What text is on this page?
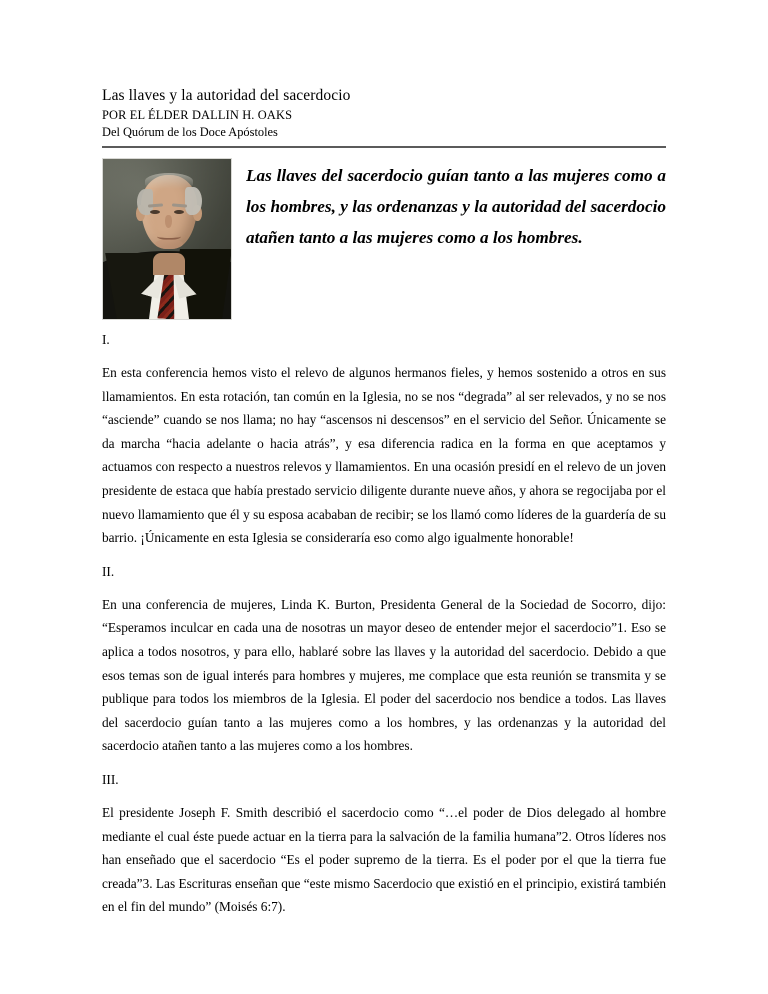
Las llaves y la autoridad del sacerdocio
POR EL ÉLDER DALLIN H. OAKS
Del Quórum de los Doce Apóstoles

Las llaves del sacerdocio guían tanto a las mujeres como a los hombres, y las ordenanzas y la autoridad del sacerdocio atañen tanto a las mujeres como a los hombres.

I.

En esta conferencia hemos visto el relevo de algunos hermanos fieles, y hemos sostenido a otros en sus llamamientos. En esta rotación, tan común en la Iglesia, no se nos “degrada” al ser relevados, y no se nos “asciende” cuando se nos llama; no hay “ascensos ni descensos” en el servicio del Señor. Únicamente se da marcha “hacia adelante o hacia atrás”, y esa diferencia radica en la forma en que aceptamos y actuamos con respecto a nuestros relevos y llamamientos. En una ocasión presidí en el relevo de un joven presidente de estaca que había prestado servicio diligente durante nueve años, y ahora se regocijaba por el nuevo llamamiento que él y su esposa acababan de recibir; se los llamó como líderes de la guardería de su barrio. ¡Únicamente en esta Iglesia se consideraría eso como algo igualmente honorable!

II.

En una conferencia de mujeres, Linda K. Burton, Presidenta General de la Sociedad de Socorro, dijo: “Esperamos inculcar en cada una de nosotras un mayor deseo de entender mejor el sacerdocio”1. Eso se aplica a todos nosotros, y para ello, hablaré sobre las llaves y la autoridad del sacerdocio. Debido a que esos temas son de igual interés para hombres y mujeres, me complace que esta reunión se transmita y se publique para todos los miembros de la Iglesia. El poder del sacerdocio nos bendice a todos. Las llaves del sacerdocio guían tanto a las mujeres como a los hombres, y las ordenanzas y la autoridad del sacerdocio atañen tanto a las mujeres como a los hombres.

III.

El presidente Joseph F. Smith describió el sacerdocio como “…el poder de Dios delegado al hombre mediante el cual éste puede actuar en la tierra para la salvación de la familia humana”2. Otros líderes nos han enseñado que el sacerdocio “Es el poder supremo de la tierra. Es el poder por el que la tierra fue creada”3. Las Escrituras enseñan que “este mismo Sacerdocio que existió en el principio, existirá también en el fin del mundo” (Moisés 6:7).
